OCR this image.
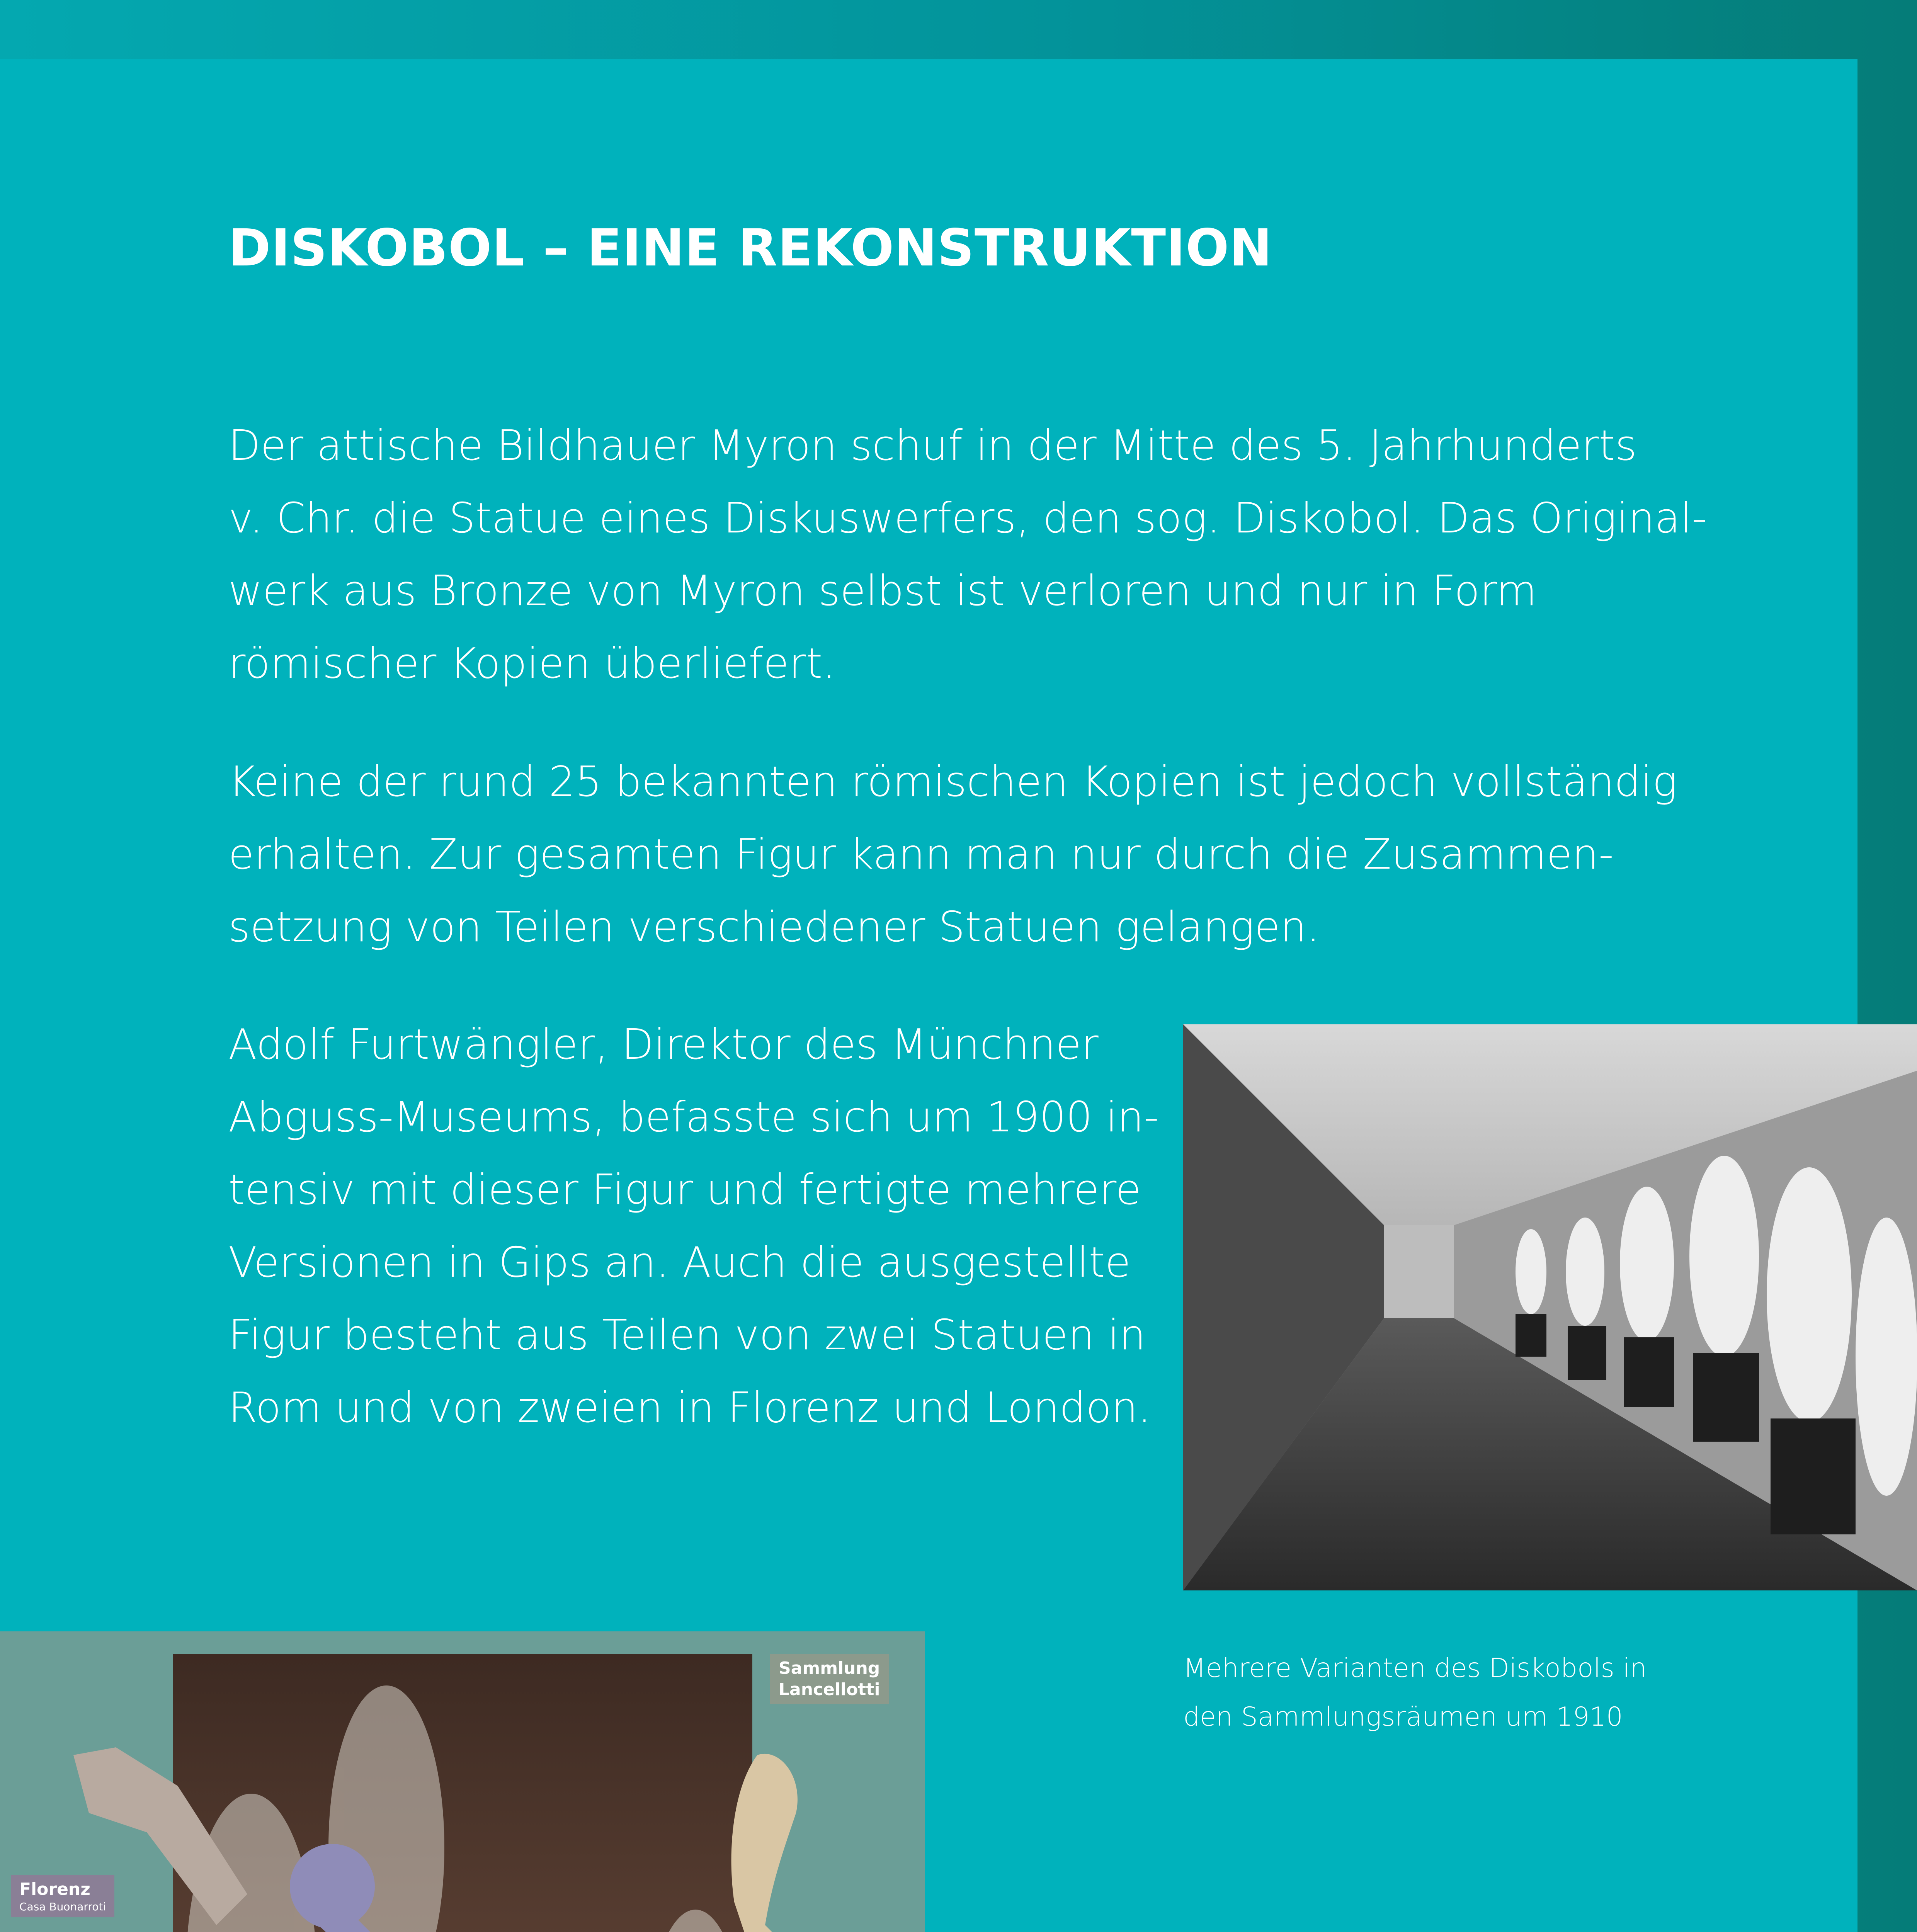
DISKOBOL – EINE REKONSTRUKTION

Der attische Bildhauer Myron schuf in der Mitte des 5. Jahrhunderts
v. Chr. die Statue eines Diskuswerfers, den sog. Diskobol. Das Original-
werk aus Bronze von Myron selbst ist verloren und nur in Form
römischer Kopien überliefert.

Keine der rund 25 bekannten römischen Kopien ist jedoch vollständig
erhalten. Zur gesamten Figur kann man nur durch die Zusammen-
setzung von Teilen verschiedener Statuen gelangen.

Adolf Furtwängler, Direktor des Münchner
Abguss-Museums, befasste sich um 1900 in-
tensiv mit dieser Figur und fertigte mehrere
Versionen in Gips an. Auch die ausgestellte
Figur besteht aus Teilen von zwei Statuen in
Rom und von zweien in Florenz und London.

Mehrere Varianten des Diskobols in
den Sammlungsräumen um 1910

Sammlung
Lancellotti
Florenz
Casa Buonarroti
